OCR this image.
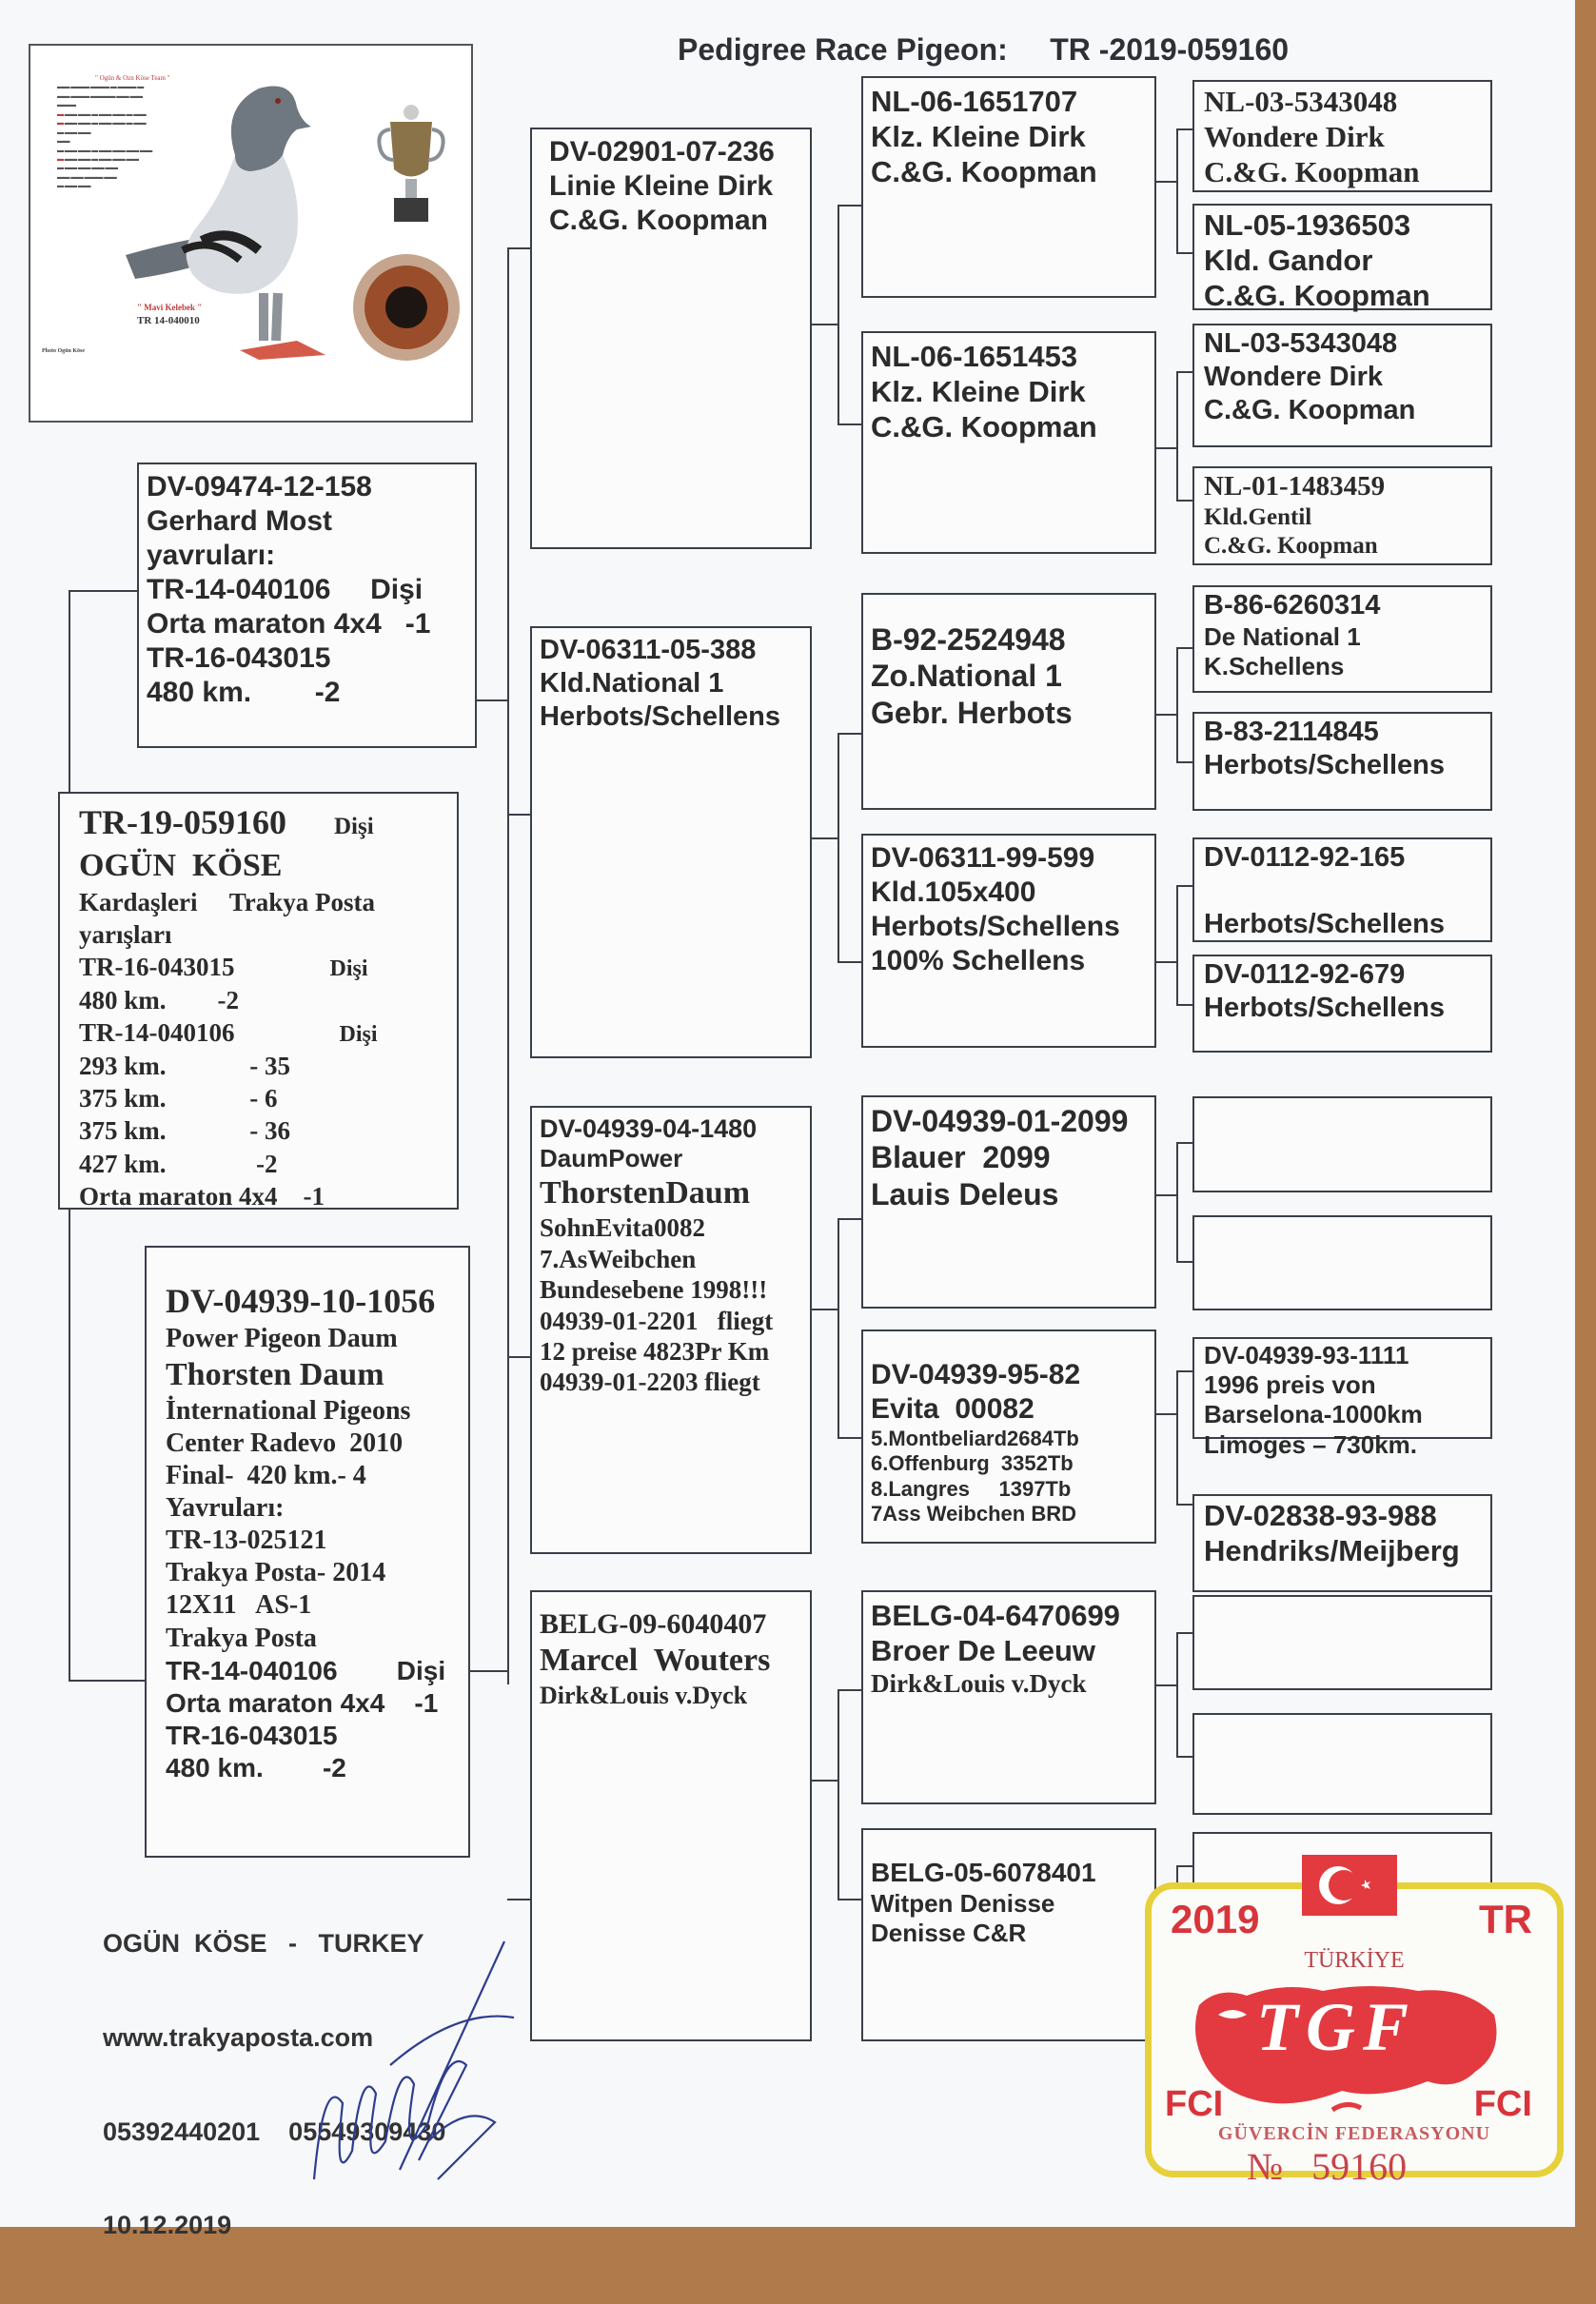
Pedigree Race Pigeon: TR -2019-059160
" Ogün & Ozn Köse Team "
▬▬ ▬▬▬ ▬▬▬ ▬ ▬▬▬ ▬
▬▬ ▬▬▬ ▬▬▬▬ ▬▬ ▬▬
▬▬▬
▬ ▬▬ ▬▬ ▬ ▬▬ ▬▬ ▬ ▬▬
▬ ▬▬ ▬▬ ▬ ▬▬ ▬▬ ▬ ▬▬
▬ ▬▬ ▬▬
▬▬
▬ ▬▬ ▬▬ ▬ ▬▬ ▬▬ ▬▬ ▬▬
▬ ▬▬ ▬▬ ▬ ▬▬ ▬▬ ▬▬
▬ ▬▬ ▬▬ ▬▬ ▬▬
▬▬ ▬▬ ▬▬▬ ▬▬
▬ ▬▬ ▬▬
" Mavi Kelebek "
TR 14-040010
Photo Ogün Köse
DV-09474-12-158
Gerhard Most
yavruları:
TR-14-040106     Dişi
Orta maraton 4x4   -1
TR-16-043015
480 km.        -2
TR-19-059160 Dişi
OGÜN  KÖSE
Kardaşleri     Trakya Posta
yarışları
TR-16-043015	Dişi
480 km.        -2
TR-14-040106	Dişi
293 km.             - 35
375 km.             - 6
375 km.             - 36
427 km.              -2
Orta maraton 4x4    -1
DV-04939-10-1056
Power Pigeon Daum
Thorsten Daum
İnternational Pigeons
Center Radevo  2010
Final-  420 km.- 4
Yavruları:
TR-13-025121
Trakya Posta- 2014
12X11   AS-1
Trakya Posta
TR-14-040106        Dişi
Orta maraton 4x4    -1
TR-16-043015
480 km.        -2
DV-02901-07-236
Linie Kleine Dirk
C.&G. Koopman
DV-06311-05-388
Kld.National 1
Herbots/Schellens
DV-04939-04-1480
DaumPower
ThorstenDaum
SohnEvita0082
7.AsWeibchen
Bundesebene 1998!!!
04939-01-2201   fliegt
12 preise 4823Pr Km
04939-01-2203 fliegt
BELG-09-6040407
Marcel  Wouters
Dirk&Louis v.Dyck
NL-06-1651707
Klz. Kleine Dirk
C.&G. Koopman
NL-06-1651453
Klz. Kleine Dirk
C.&G. Koopman
B-92-2524948
Zo.National 1
Gebr. Herbots
DV-06311-99-599
Kld.105x400
Herbots/Schellens
100% Schellens
DV-04939-01-2099
Blauer  2099
Lauis Deleus
DV-04939-95-82
Evita  00082
5.Montbeliard2684Tb
6.Offenburg  3352Tb
8.Langres     1397Tb
7Ass Weibchen BRD
BELG-04-6470699
Broer De Leeuw
Dirk&Louis v.Dyck
BELG-05-6078401
Witpen Denisse
Denisse C&R
NL-03-5343048
Wondere Dirk
C.&G. Koopman
NL-05-1936503
Kld. Gandor
C.&G. Koopman
NL-03-5343048
Wondere Dirk
C.&G. Koopman
NL-01-1483459
Kld.Gentil
C.&G. Koopman
B-86-6260314
De National 1
K.Schellens
B-83-2114845
Herbots/Schellens
DV-0112-92-165

Herbots/Schellens
DV-0112-92-679
Herbots/Schellens
DV-04939-93-1111
1996 preis von
Barselona-1000km
Limoges – 730km.
DV-02838-93-988
Hendriks/Meijberg

OGÜN  KÖSE   -   TURKEY

www.trakyaposta.com

05392440201    05549309430

10.12.2019

2019	TR
TÜRKİYE
TGF
FCI	FCI
GÜVERCİN FEDERASYONU
№ 59160
